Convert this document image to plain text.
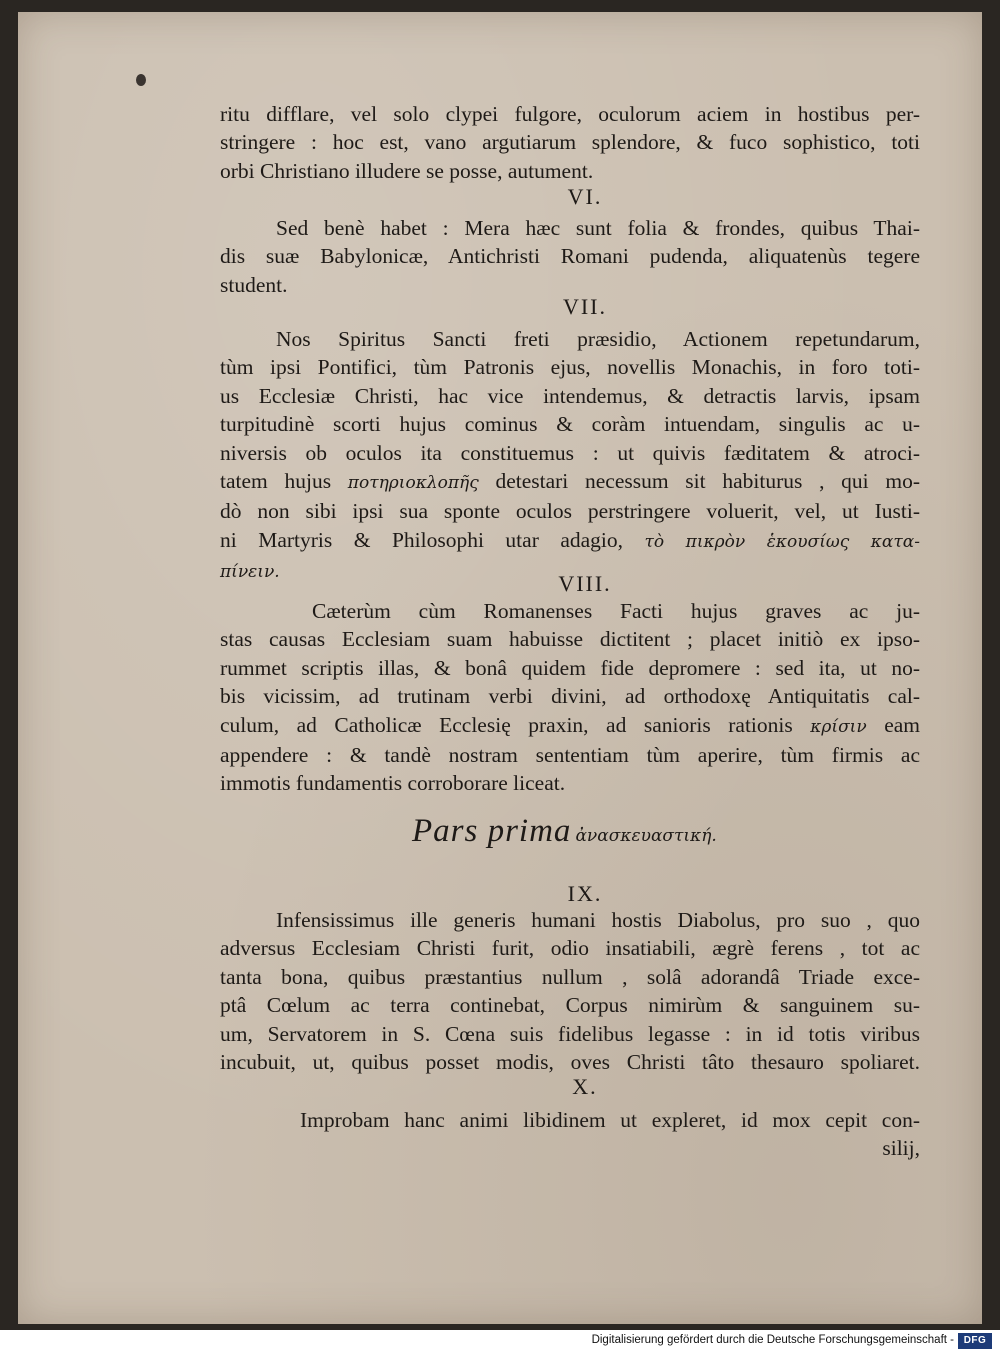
ritu difflare, vel solo clypei fulgore, oculorum aciem in hostibus per-
stringere : hoc est, vano argutiarum splendore, & fuco sophistico, toti
orbi Christiano illudere se posse, autument.
VI.
Sed benè habet : Mera hæc sunt folia & frondes, quibus Thai-
dis suæ Babylonicæ, Antichristi Romani pudenda, aliquatenùs tegere
student.
VII.
Nos Spiritus Sancti freti præsidio, Actionem repetundarum,
tùm ipsi Pontifici, tùm Patronis ejus, novellis Monachis, in foro toti-
us Ecclesiæ Christi, hac vice intendemus, & detractis larvis, ipsam
turpitudinè scorti hujus cominus & coràm intuendam, singulis ac u-
niversis ob oculos ita constituemus : ut quivis fæditatem & atroci-
tatem hujus ποτηριοκλοπῆς detestari necessum sit habiturus , qui mo-
dò non sibi ipsi sua sponte oculos perstringere voluerit, vel, ut Iusti-
ni Martyris & Philosophi utar adagio, τὸ πικρὸν ἑκουσίως κατα-
πίνειν.	VIII.
Cæterùm cùm Romanenses Facti hujus graves ac ju-
stas causas Ecclesiam suam habuisse dictitent ; placet initiò ex ipso-
rummet scriptis illas, & bonâ quidem fide depromere : sed ita, ut no-
bis vicissim, ad trutinam verbi divini, ad orthodoxę Antiquitatis cal-
culum, ad Catholicæ Ecclesię praxin, ad sanioris rationis κρίσιν eam
appendere : & tandè nostram sententiam tùm aperire, tùm firmis ac
immotis fundamentis corroborare liceat.
Pars prima ἀνασκευαστική.
IX.
Infensissimus ille generis humani hostis Diabolus, pro suo , quo
adversus Ecclesiam Christi furit, odio insatiabili, ægrè ferens , tot ac
tanta bona, quibus præstantius nullum , solâ adorandâ Triade exce-
ptâ Cœlum ac terra continebat, Corpus nimirùm & sanguinem su-
um, Servatorem in S. Cœna suis fidelibus legasse : in id totis viribus
incubuit, ut, quibus posset modis, oves Christi tâto thesauro spoliaret.
X.
Improbam hanc animi libidinem ut expleret, id mox cepit con-
silij,
Digitalisierung gefördert durch die Deutsche Forschungsgemeinschaft - DFG
